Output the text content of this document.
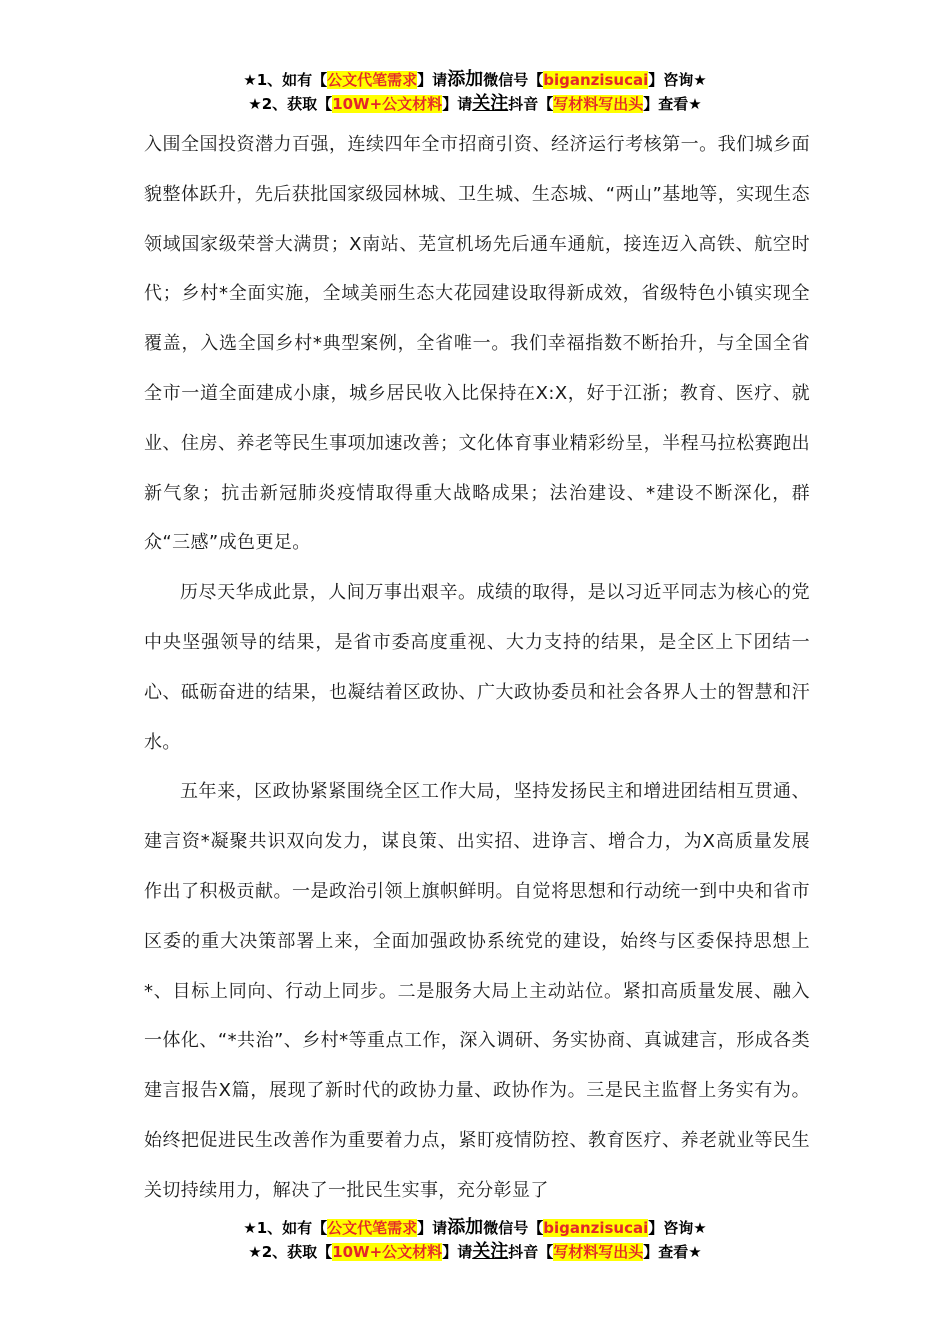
★1、如有【公文代笔需求】请添加微信号【biganzisucai】咨询★
★2、获取【10W+公文材料】请关注抖音【写材料写出头】查看★

入围全国投资潜力百强，连续四年全市招商引资、经济运行考核第一。我们城乡面貌整体跃升，先后获批国家级园林城、卫生城、生态城、“两山”基地等，实现生态领域国家级荣誉大满贯；X南站、芜宣机场先后通车通航，接连迈入高铁、航空时代；乡村*全面实施，全域美丽生态大花园建设取得新成效，省级特色小镇实现全覆盖，入选全国乡村*典型案例，全省唯一。我们幸福指数不断抬升，与全国全省全市一道全面建成小康，城乡居民收入比保持在X:X，好于江浙；教育、医疗、就业、住房、养老等民生事项加速改善；文化体育事业精彩纷呈，半程马拉松赛跑出新气象；抗击新冠肺炎疫情取得重大战略成果；法治建设、*建设不断深化，群众“三感”成色更足。

历尽天华成此景，人间万事出艰辛。成绩的取得，是以习近平同志为核心的党中央坚强领导的结果，是省市委高度重视、大力支持的结果，是全区上下团结一心、砥砺奋进的结果，也凝结着区政协、广大政协委员和社会各界人士的智慧和汗水。

五年来，区政协紧紧围绕全区工作大局，坚持发扬民主和增进团结相互贯通、建言资*凝聚共识双向发力，谋良策、出实招、进诤言、增合力，为X高质量发展作出了积极贡献。一是政治引领上旗帜鲜明。自觉将思想和行动统一到中央和省市区委的重大决策部署上来，全面加强政协系统党的建设，始终与区委保持思想上*、目标上同向、行动上同步。二是服务大局上主动站位。紧扣高质量发展、融入一体化、“*共治”、乡村*等重点工作，深入调研、务实协商、真诚建言，形成各类建言报告X篇，展现了新时代的政协力量、政协作为。三是民主监督上务实有为。始终把促进民生改善作为重要着力点，紧盯疫情防控、教育医疗、养老就业等民生关切持续用力，解决了一批民生实事，充分彰显了

★1、如有【公文代笔需求】请添加微信号【biganzisucai】咨询★
★2、获取【10W+公文材料】请关注抖音【写材料写出头】查看★
